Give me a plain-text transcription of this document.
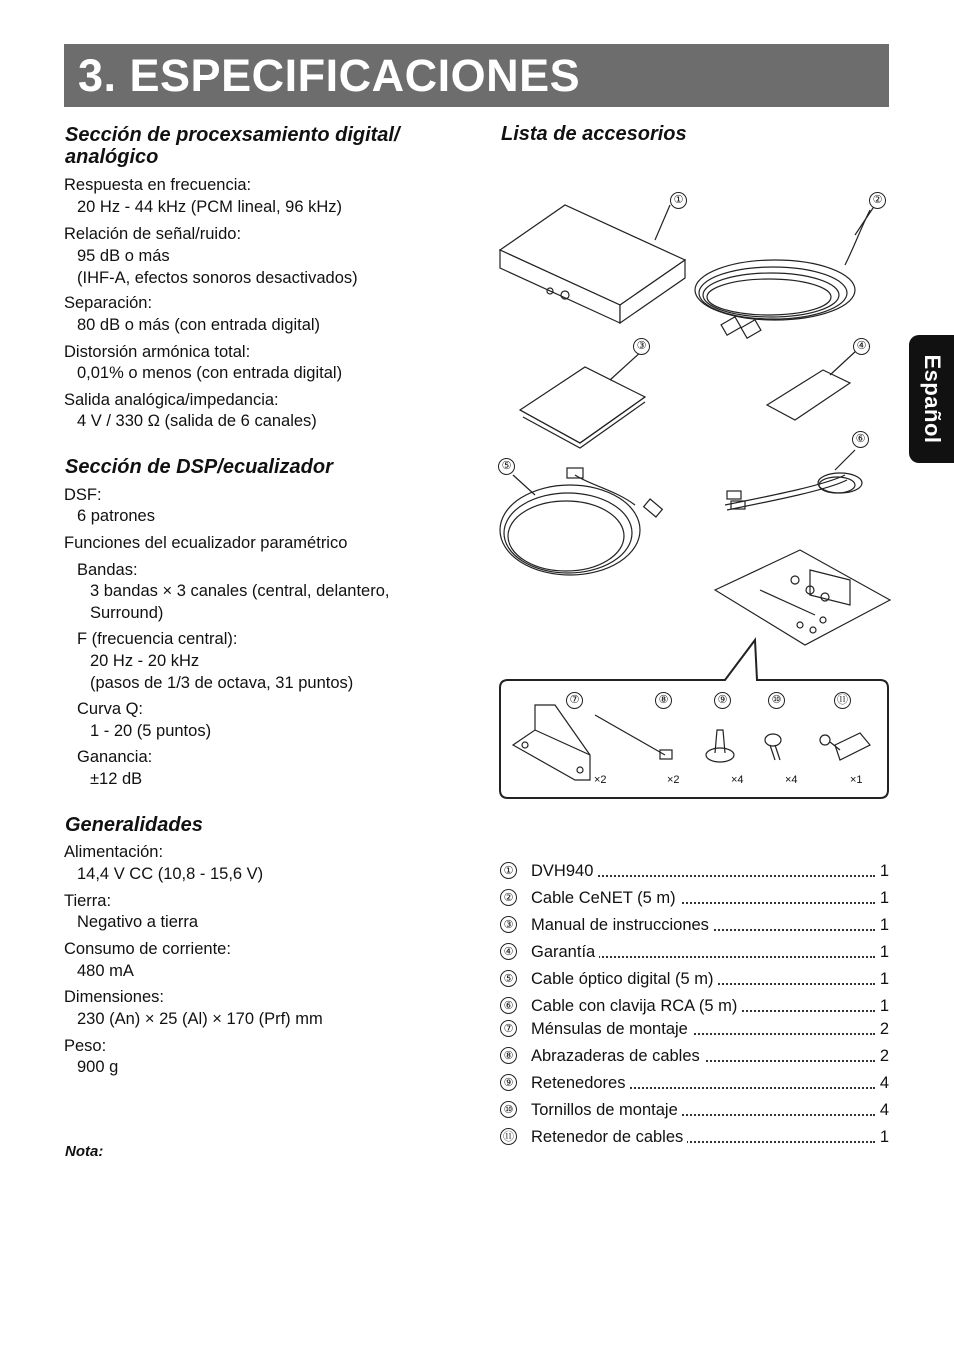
3. ESPECIFICACIONES
Español
Sección de procexsamiento digital/
analógico
Respuesta en frecuencia:
20 Hz - 44 kHz (PCM lineal, 96 kHz)
Relación de señal/ruido:
95 dB o más
(IHF-A, efectos sonoros desactivados)
Separación:
80 dB o más (con entrada digital)
Distorsión armónica total:
0,01% o menos (con entrada digital)
Salida analógica/impedancia:
4 V / 330 Ω (salida de 6 canales)
Sección de DSP/ecualizador
DSF:
6 patrones
Funciones del ecualizador paramétrico
Bandas:
3 bandas × 3 canales (central, delantero,
Surround)
F (frecuencia central):
20 Hz - 20 kHz
(pasos de 1/3 de octava, 31 puntos)
Curva Q:
1 - 20 (5 puntos)
Ganancia:
±12 dB
Generalidades
Alimentación:
14,4 V CC (10,8 - 15,6 V)
Tierra:
Negativo a tierra
Consumo de corriente:
480 mA
Dimensiones:
230 (An) × 25 (Al) × 170 (Prf) mm
Peso:
900 g
Nota:
Lista de accesorios
①	②
③	④
⑥
⑤
⑦	⑧	⑨	⑩	⑪
×2	×2	×4	×4	×1
① DVH940	1
② Cable CeNET (5 m)	1
③ Manual de instrucciones	1
④ Garantía	1
⑤ Cable óptico digital (5 m)	1
⑥ Cable con clavija RCA (5 m)	1
⑦ Ménsulas de montaje	2
⑧ Abrazaderas de cables	2
⑨ Retenedores	4
⑩ Tornillos de montaje	4
⑪ Retenedor de cables	1
